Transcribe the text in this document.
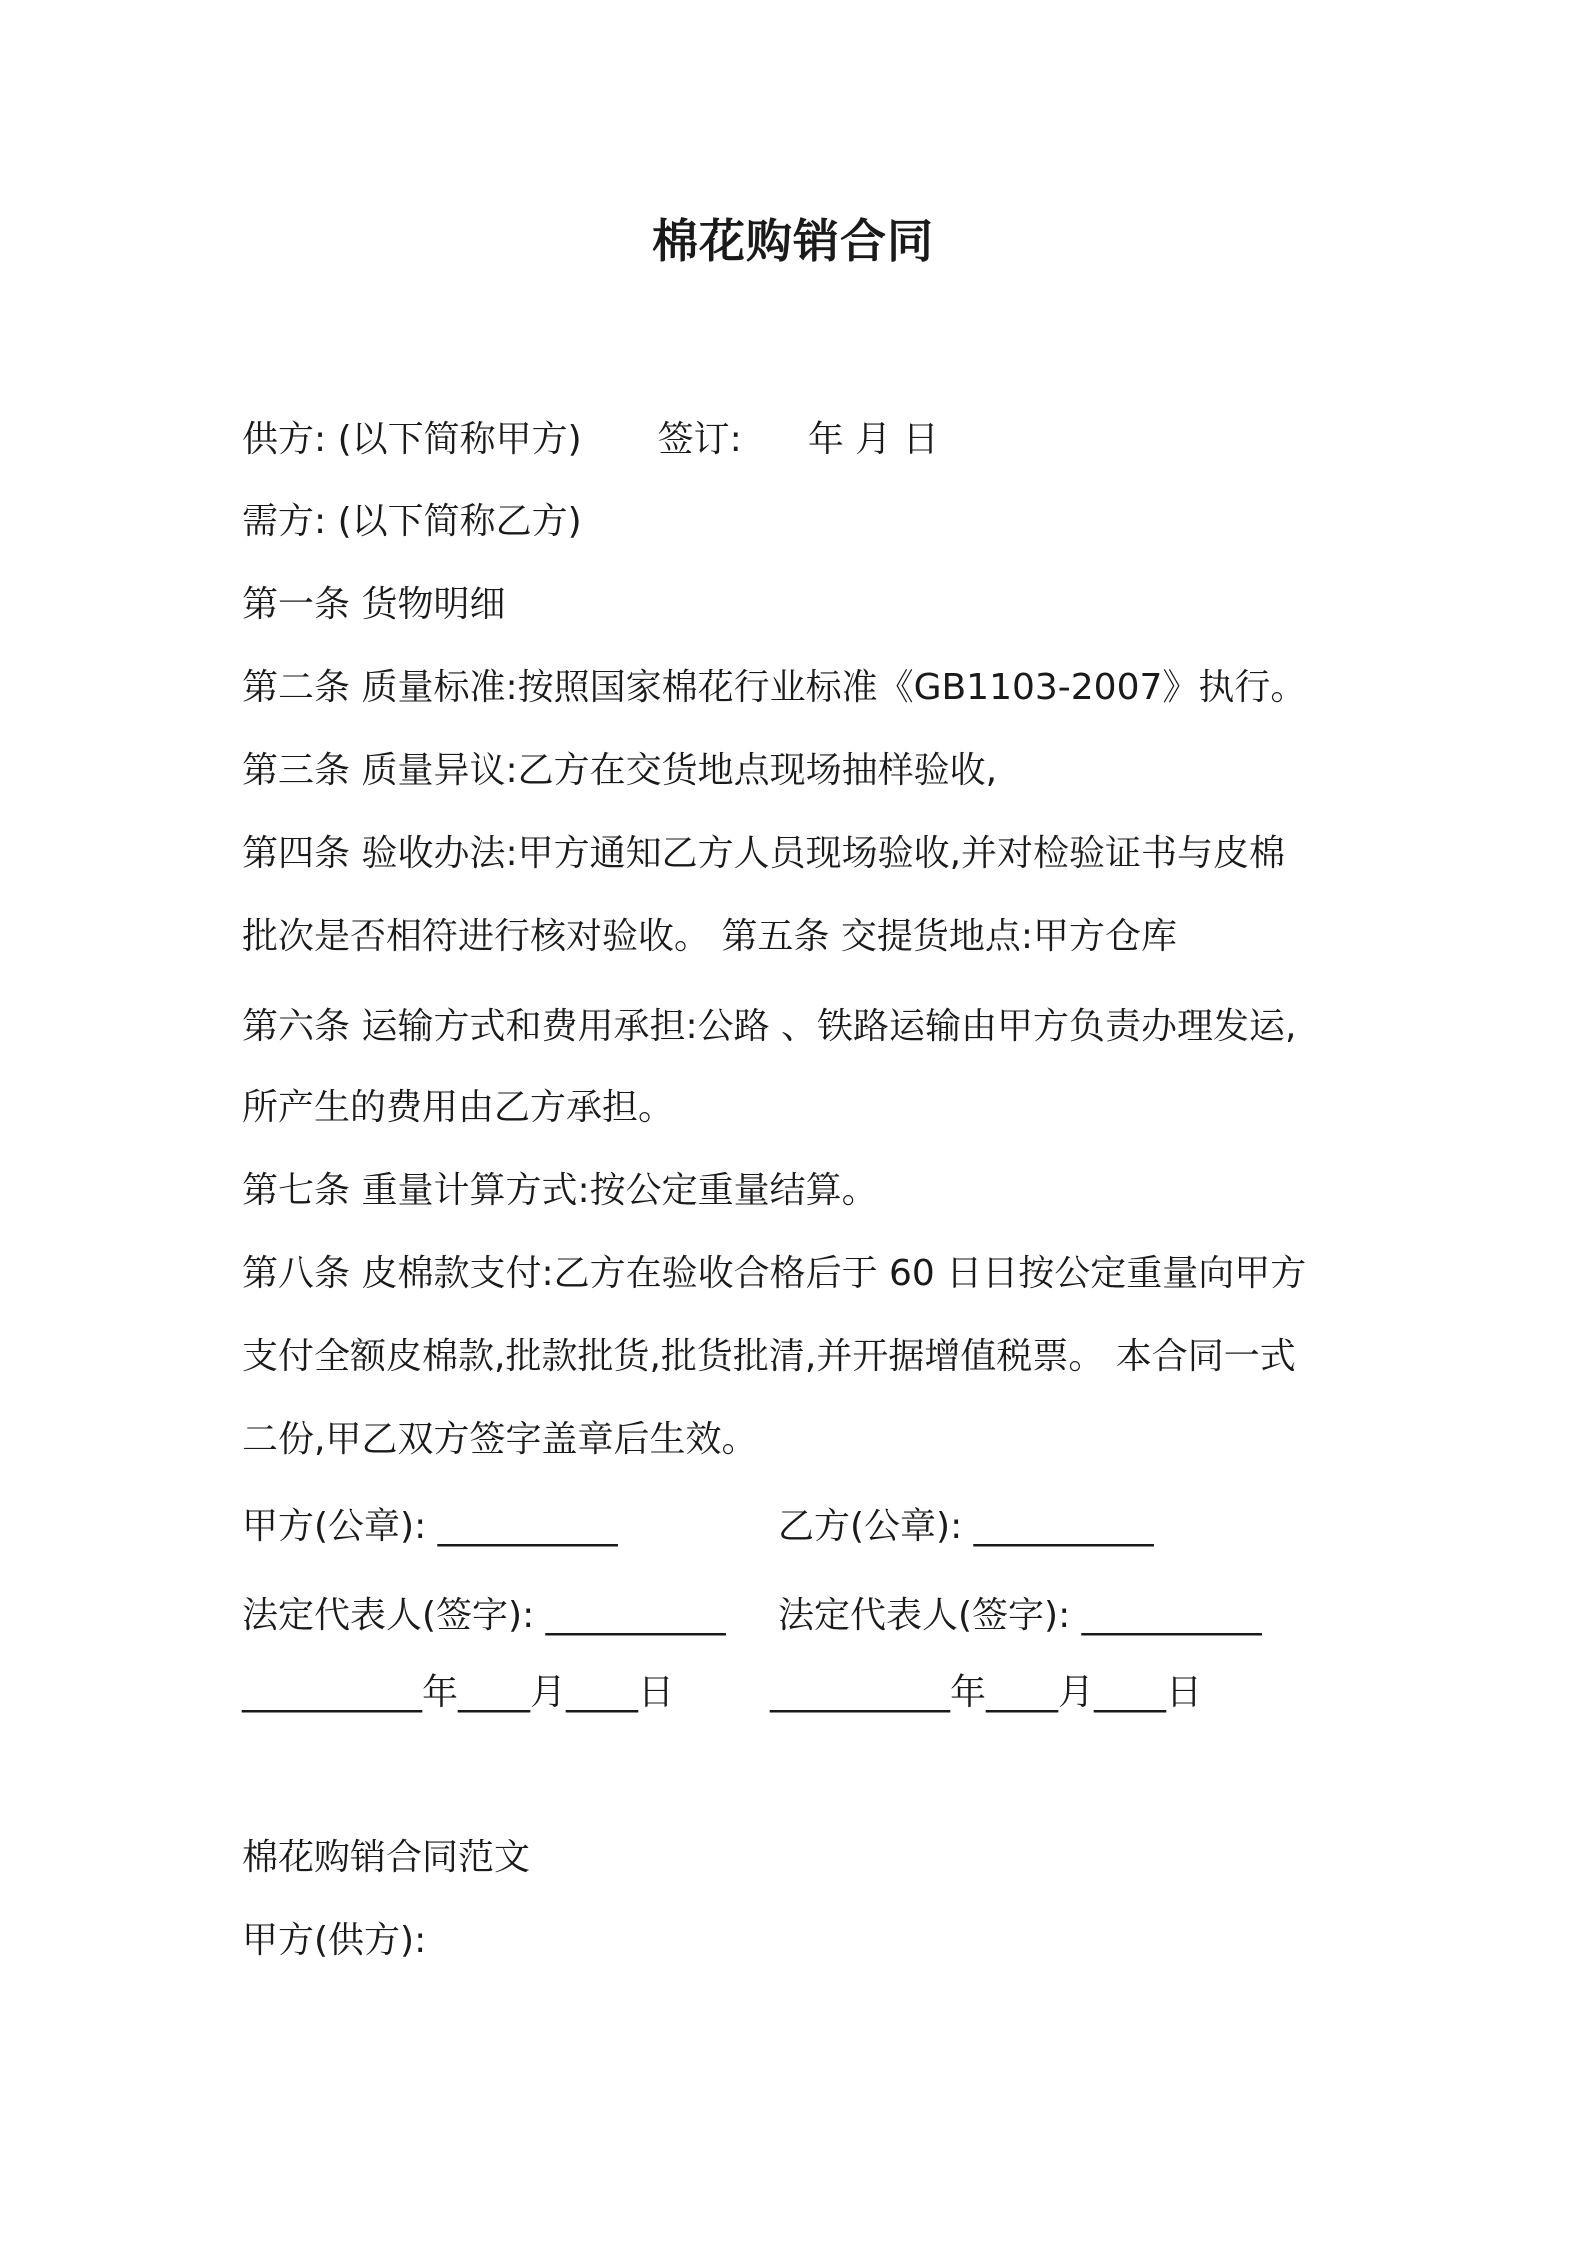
棉花购销合同
供方: (以下简称甲方) 签订: 年 月 日
需方: (以下简称乙方)
第一条 货物明细
第二条 质量标准:按照国家棉花行业标准《GB1103-2007》执行。
第三条 质量异议:乙方在交货地点现场抽样验收,
第四条 验收办法:甲方通知乙方人员现场验收,并对检验证书与皮棉
批次是否相符进行核对验收。 第五条 交提货地点:甲方仓库
第六条 运输方式和费用承担:公路 、铁路运输由甲方负责办理发运,
所产生的费用由乙方承担。
第七条 重量计算方式:按公定重量结算。
第八条 皮棉款支付:乙方在验收合格后于 60 日日按公定重量向甲方
支付全额皮棉款,批款批货,批货批清,并开据增值税票。 本合同一式
二份,甲乙双方签字盖章后生效。
甲方(公章): __________	乙方(公章): __________
法定代表人(签字): __________ 法定代表人(签字): __________
__________年____月____日	__________年____月____日
棉花购销合同范文
甲方(供方):
